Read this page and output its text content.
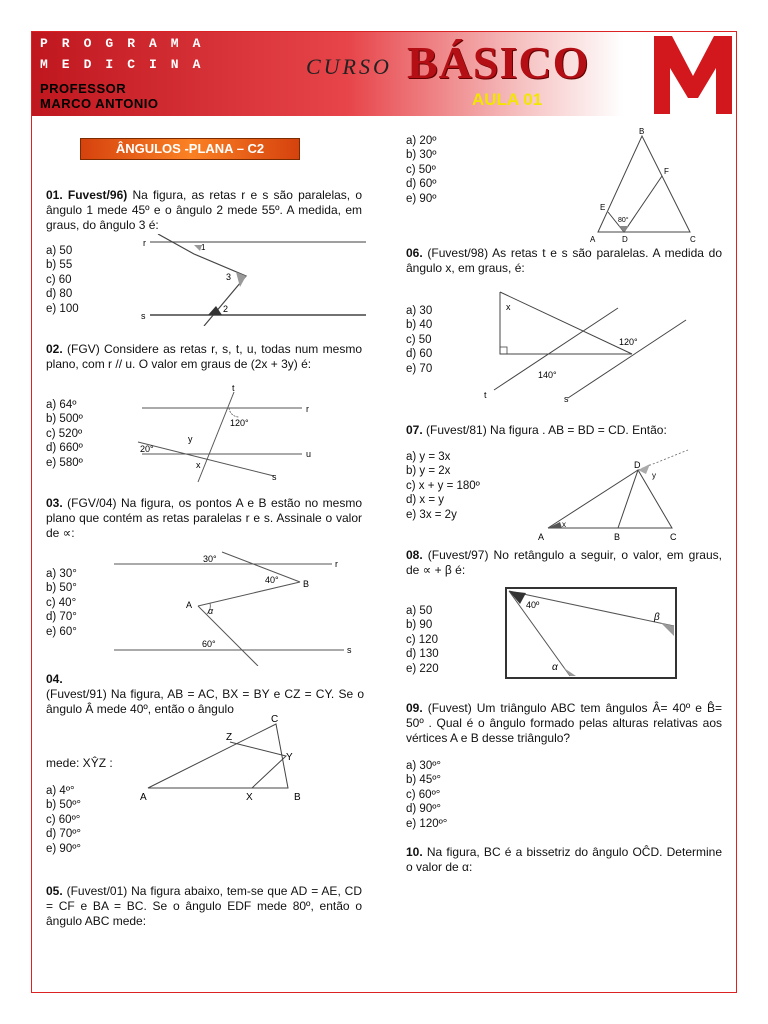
PROGRAMA
MEDICINA
PROFESSOR
MARCO ANTONIO
CURSO BÁSICO
AULA 01
ÂNGULOS -PLANA – C2
01. Fuvest/96) Na figura, as retas r e s são paralelas, o ângulo 1 mede 45º e o ângulo 2 mede 55º. A medida, em graus, do ângulo 3 é:
a) 50
b) 55
c) 60
d) 80
e) 100
r
s
1
3
2
02. (FGV) Considere as retas r, s, t, u, todas num mesmo plano, com r // u. O valor em graus de (2x + 3y) é:
a) 64º
b) 500º
c) 520º
d) 660º
e) 580º
t
r
u
s
120°
20°
y
x
03. (FGV/04) Na figura, os pontos A e B estão no mesmo plano que contém as retas paralelas r e s. Assinale o valor de ∝:
a) 30°
b) 50°
c) 40°
d) 70°
e) 60°
30°
40°
60°
A
B
α
r
s
04.
(Fuvest/91) Na figura, AB = AC, BX = BY e CZ = CY. Se o ângulo Â mede 40º, então o ângulo
mede: XŶZ :
a) 4º°
b) 50º°
c) 60º°
d) 70º°
e) 90º°
A	B
C
X
Y
Z
05. (Fuvest/01) Na figura abaixo, tem-se que AD = AE, CD = CF e BA = BC. Se o ângulo EDF mede 80º, então o ângulo ABC mede:
a) 20º
b) 30º
c) 50º
d) 60º
e) 90º
B
A	C
D
E
F
80°
06. (Fuvest/98) As retas t e s são paralelas. A medida do ângulo x, em graus, é:
a) 30
b) 40
c) 50
d) 60
e) 70
x
120°
140°
t	s
07. (Fuvest/81) Na figura . AB = BD = CD. Então:
a) y = 3x
b) y = 2x
c) x + y = 180º
d) x = y
e) 3x = 2y
A	B	C
D
x
y
08. (Fuvest/97) No retângulo a seguir, o valor, em graus, de ∝ + β é:
a) 50
b) 90
c) 120
d) 130
e) 220
40º
β
α
09. (Fuvest) Um triângulo ABC tem ângulos Â= 40º e B̂= 50º . Qual é o ângulo formado pelas alturas relativas aos vértices A e B desse triângulo?
a) 30º°
b) 45º°
c) 60º°
d) 90º°
e) 120º°
10. Na figura, BC é a bissetriz do ângulo OĈD. Determine o valor de α:
